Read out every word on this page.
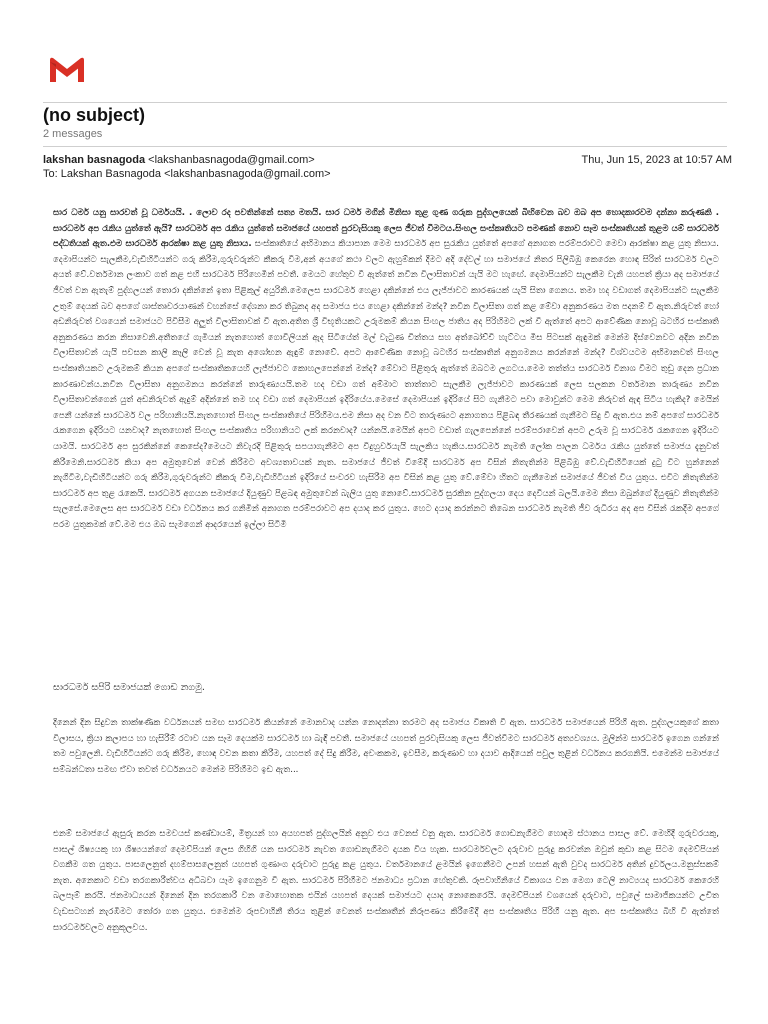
(no subject)
2 messages
lakshan basnagoda <lakshanbasnagoda@gmail.com>
To: Lakshan Basnagoda <lakshanbasnagoda@gmail.com>
Thu, Jun 15, 2023 at 10:57 AM
සාර ධර්ම යනු සාරවත් වූ ධර්මයයි. . ලොව රද පවතින්නේ සත්‍ය මතයි. සාර ධර්ම මගින් මිනිසා තුළ ගුණ ගරුක පුද්ගලයෙක් බිහිවෙන බව ඔබ අප හොදකාරවම දන්නා කරුණකි . සාරධර්ම අප රැකිය යුත්තේ ඇයි? සාරධර්ම අප රැකිය යුත්තේ සමාජයේ යහපත් පුරවැසියකු ලෙස ජීවත් වීමටය.සිංහල සංස්කෘතියට පමණක් නොව සෑම සංස්කෘතියක් තුළම යම් සාරධර්ම පද්ධතියක් ඇත.එම සාරධර්ම ආරක්ෂා කළ යුතු නිසාය. සංස්කෘතියේ අභිමානය කියාපාන මෙම සාරධර්ම අප සුරැකිය යුත්තේ අපගේ අනාගත පරම්පරාවට මෙවා ආරක්ෂා කළ යුතු නිසාය. දෙමාපියන්ට සැලකීම,වැඩිහිටියන්ට ගරු කිරීම,ගුරුවරුන්ට කීකරු වීම,අන් අයගේ කථා වලට ඇහුම්කන් දීමට අදි දේවල් හා සමාජයේ නිතර පිලිබිඹු කෙරෙන හොඳ සිරිත් සාරධර්ම වලට අයත් වේ.වර්තමාන ලංකාව ගත් කළ එහි සාරධර්ම පිරිහෙමින් පවතී. මෙයට හේතුව වී ඇත්තේ නවීන විලාසිතාවන් යැයි මට හැඟේ. දෙමාපියන්ට සැලකීම වැනි යහපත් ක්‍රියා අද සමාජයේ ජීවත් වන ඇතැම් පුද්ගලයන් තොරා දකින්නේ ඉතා පිළිකුල් අයුරිනි.මෙලෙස සාරධර්ම හෙළා දකින්නේ එය ලැජ්ජාවට කාරණයක් යැයි සිතා ගෙනය. තමා හද වඩාගත් දෙමාපියන්ට සැලකීම උතුම් දෙයක් බව අපගේ ශාස්තෘවරයාණන් වහන්සේ දේශනා කර තිබුනද අද සමාජය එය හෙළා දකින්නේ මන්ද? නවීන විලාසිතා ගත් කළ මේවා අනුකරණය මත පදනම් වී ඇත.නිරුවත් හෝ අඩනිරුවත් වශයෙන් සමාජයට පිවිසීම අලුත් විලාසිතාවක් වී ඇත.අතිත ශ්‍රී විභූතියකට උරුමකම් කියන සිංහල ජාතිය අද පිරිහිමට ලක් වී ඇත්තේ අපට ආවේණික නොවූ බටහිර සංස්කෘති අනුකරණය කරන නිසාවෙනි.අතීතයේ ගැමියන් නැතහොත් ගොවීලියන් ඇද සිටියේත් මල් වැටුණ චිත්තය සහ අත්බෝච්චි හැට්ටය මිස පිටසක් ඇඳුමක් මෙන්ම දිස්වෙනවට අදින නවීන විලාසිතාවන් යැයි පවසන කාලි කෑලි වෙන් වූ කැත අශෝභන ඇඳුම් නොවේ. අපට ආවේණික නොවූ බටහිර සංස්කෘතින් අනුගමනය කරන්නේ මන්ද? විශ්වයටම අභිමානවත් සිංහල සංස්කෘතියකට උරුමකම් කියන අපගේ සංස්කෘතිකයෙහි ලැජ්ජාවට කොහලපෙන්නේ මන්ද? මේවාට පිළිතුරු ඇත්තේ ඔබටම ලගටය.මෙම තත්ත්ය සාරධර්ම විනාශ වීමට තුඩු දෙන ප්‍රධාන කාරණාවන්ය.නවීන විලාසිතා අනුගමනය කරන්නේ තාරුණ්‍යයයි.තම හද වඩා ගත් අම්මාට තාත්තාට සැලකීම ලැජ්ජාවට කාරණයක් ලෙස සලකන වර්තමාන තාරුණ්‍ය නවීන විලාසිතාවන්ගෙන් යුත් අඩනිරුවත් ඇදුම් අදින්නේ තම හද වඩා ගත් දෙමාපියන් ඉදිරියේය.මෙසේ දෙමාපියන් ඉදිරියේ සිට ගැනීමට පවා මොවුන්ට මෙම නිරුවත් ඇඳ සිටිය හැකිද? මෙයින් පෙනී යන්නේ සාරධර්ම වල පරිහානියයි.නැතහොත් සිංහල සංස්කෘතියේ පිරිහීමය.එම නිසා අද වන විට තාරුණ්‍යට අනාගතය පිළිබඳ තීරණයක් ගැනීමට සිදු වී ඇත.එය නම් අපගේ සාරධර්ම රැකගෙන ඉදිරියට යනවාද? නැතහොත් සිංහල සංස්කෘතිය පරිහානියට ලක් කරනවාද? යන්නයි.මෙයින් අපට වඩාත් ගැලපෙන්නේ පරම්පරාවෙන් අපට උරුම වූ සාරධර්ම රැකගෙන ඉදිරියට යාමයි. සාරධර්ම අප සුරකින්නේ කෙසේද?මෙයට නිවැරදි පිළිතුරු සපයාගැනීමට අප විදුහුර්වයැයි සැලකිය හැකිය.සාරධර්ම නැමති ලෝක පාලන ධර්මය රැකිය යුත්තේ සමාජය දැනුවත් කිරීමෙනි.සාරධර්ම කියා අප අමුතුවෙන් වෙන් කිරීමට අවශ්‍යතාවයක් නැත. සමාජයේ ජීවත් වීමේදී සාරධර්ම අප විසින් නිතැතින්ම පිළිබිඹු වේ.වැඩිහිටියෙක් දුටු විට හුන්නෙන් නැගිටීම,වැඩිහිටියන්ට ගරු කිරීම,ගුරුවරුන්ට කීකරු වීම,වැඩිහිටියන් ඉදිරියේ සංවරව හැසිරීම අප විසින් කළ යුතු වේ.මේවා හිතට ගැනීමෙන් සමාජයේ ජීවත් විය යුතුය. එවිට නිතැතින්ම සාරධර්ම අප තුළ රැකෙයි. සාරධර්ම අගයන සමාජයේ දියුණුව පිළබඳ අමුතුවෙන් බැලිය යුතු නොවේ.සාරධර්ම සුරකින පුද්ගලයා දෙය දෙවියන් බලයි.මෙම නිසා ඔබුන්ගේ දියුණුව නිතැතින්ම සැලසේ.මෙලෙස අප සාරධර්ම වඩා වර්ධනය කර ගනිමින් අනාගත පරම්පරාවට අප දයාද කර යුතුය. හෙට දයාද කරන්නට තිබෙන සාරධර්ම නැමති ජීව රුධිරය අද අප විසින් රැකදීම අපගේ පරම යුතුකමක් වේ.මම එය ඔබ සැමගෙන් ආදරයෙන් ඉල්ලා සිටිමි
සාරධර්ම සපිරි සමාජයක් ගොඩ නගමු.
දිනෙන් දින සිදුවන තාක්ෂණික වර්ධනයන් සමඟ සාරධර්ම කියන්නේ මොනවාද යන්න නොදන්නා තරමට අද සමාජය විකෘති වී ඇත. සාරධර්ම සමාජයෙන් පිරිහී ඇත. පුද්ගලයකුගේ කතා විලාසය, ක්‍රියා කලාපය හා හැසිරීම් රටාව යන සෑම දෙයක්ම සාරධර්ම හා බැඳී පවතී. සමාජයේ යහපත් පුරවැසියකු ලෙස ජීවත්වීමට සාරධර්ම අත්‍යවශ්‍යය. මුලින්ම සාරධර්ම ඉගෙන ගන්නේ තම පවුලෙනි. වැඩිහිටියන්ට ගරු කිරීම, හොඳ වචන කතා කිරීම, යහපත් දේ සිදු කිරීම, අවංකකම, ඉවසීම, කරුණාව හා දයාව ආදියෙන් පවුල තුළින් වර්ධනය කරගනියි. එමෙන්ම සමාජයේ සම්බන්ධතා සමඟ ඒවා තවත් වර්ධනයට මෙන්ම පිරිහීමට ඉඩ ඇත...
එනම් සමාජයේ ඇසුරු කරන සමවයස් කණ්ඩායම්, මිත්‍රයන් හා අයහපත් පුද්ගලයින් අනුව එය වෙනස් වනු ඇත. සාරධර්ම ගොඩනැගීමට හොඳම ස්ථානය පාසල වේ. මෙහිදී ගුරුවරයකු, පාසල් ශිෂ්‍යයකු හා ශිෂ්‍යයන්ගේ දෙමව්පියන් ලෙස ගිහිගි යන සාරධර්ම නැවත ගොඩනැගීමට දායක විය හැක. සාරධර්මවලට දරුවාව පුරුදු කරවන්න ඔවුන් කුඩා කළ සිටම දෙමව්පියන් වගකීම ගත යුතුය. පාසලෙනුත් දහම්පාසලෙනුත් යහපත් ගුණාංග දරුවාට පුරුදු කළ යුතුය. වර්තමානයේ ළමයින් ඉගෙනීමට උපන් හසන් ඇති වුවද සාරධර්ම අතින් දුර්වලය.මනුස්සකම් නැත. අනෙකාට වඩා තරගකාරීත්වය අධිබවා යෑම ඉගෙනුම වී ඇත. සාරධර්ම පිරිහීමට ජනමාධ්‍ය ප්‍රධාන හේතුවකි. රූපවාහිනියේ විකාශය වන මෙගා ටෙලි නාට්‍යයද සාරධර්ම කෙරෙහි බලපෑම් කරයි. ජනමාධ්‍යයන් දිනෙන් දින තරගකාරී වන මොහොතක එයින් යහපත් දෙයක් සමාජයට දයාද නොකෙරෙයි. දෙමව්පියන් වශයෙන් දරුවාට, පවුලේ සාමාජිකයන්ට උචිත වැඩසටහන් නැරඹීමට තෝරා ගත යුතුය. එමෙන්ම රූපවාහිනී තිරය තුළින් වෙනත් සංස්කෘතීන් නිරූපණය කිරීමේදී අප සංස්කෘතිය පිරිහී යනු ඇත. අප සංස්කෘතිය බිහි වී ඇත්තේ සාරධර්මවලට අනුකූලවය.
